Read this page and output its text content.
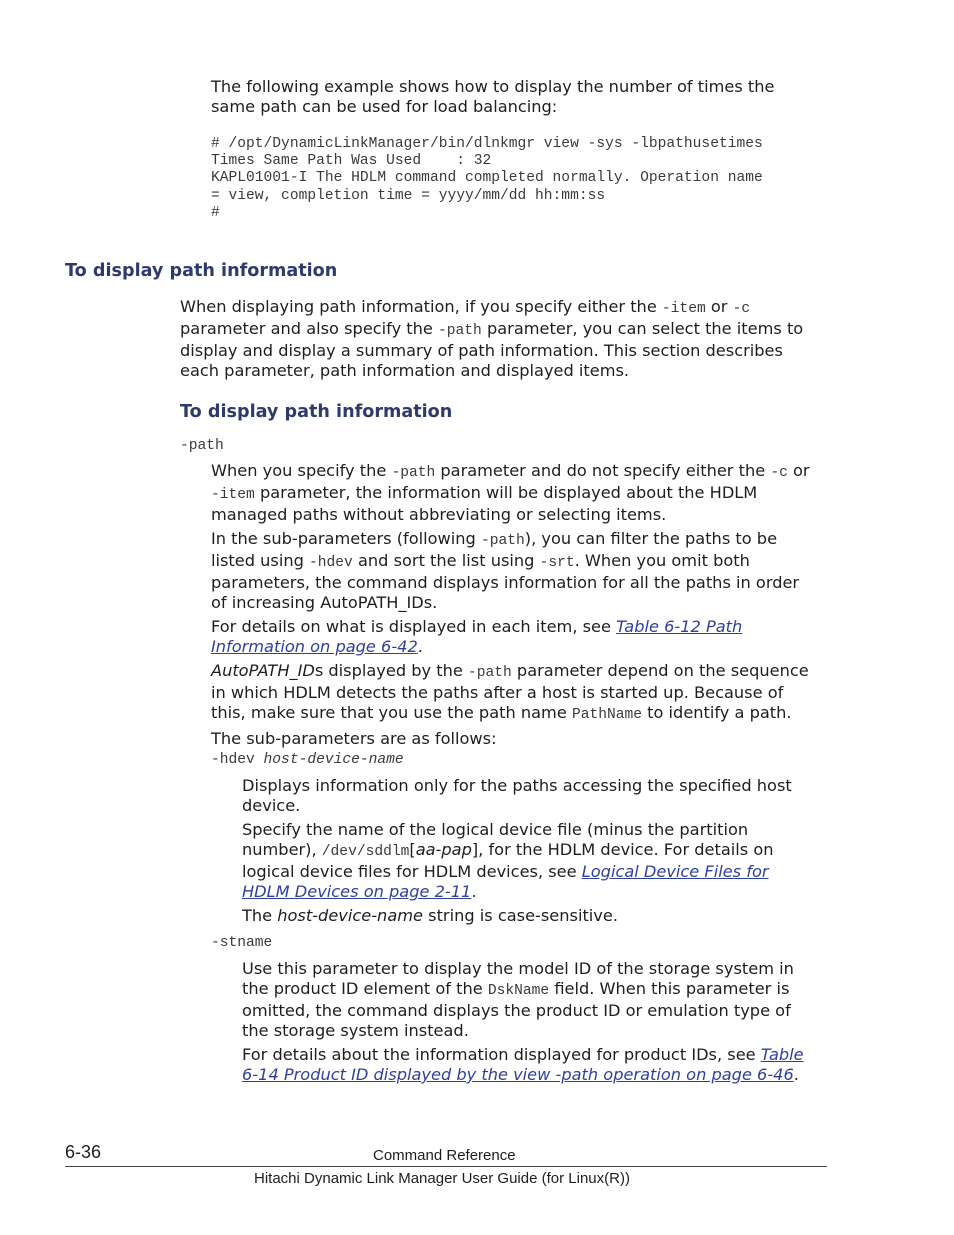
The following example shows how to display the number of times the
same path can be used for load balancing:
# /opt/DynamicLinkManager/bin/dlnkmgr view -sys -lbpathusetimes
Times Same Path Was Used    : 32
KAPL01001-I The HDLM command completed normally. Operation name
= view, completion time = yyyy/mm/dd hh:mm:ss
#
To display path information
When displaying path information, if you specify either the -item or -c
parameter and also specify the -path parameter, you can select the items to
display and display a summary of path information. This section describes
each parameter, path information and displayed items.
To display path information
-path
When you specify the -path parameter and do not specify either the -c or
-item parameter, the information will be displayed about the HDLM
managed paths without abbreviating or selecting items.
In the sub-parameters (following -path), you can filter the paths to be
listed using -hdev and sort the list using -srt. When you omit both
parameters, the command displays information for all the paths in order
of increasing AutoPATH_IDs.
For details on what is displayed in each item, see Table 6-12 Path
Information on page 6-42.
AutoPATH_IDs displayed by the -path parameter depend on the sequence
in which HDLM detects the paths after a host is started up. Because of
this, make sure that you use the path name PathName to identify a path.
The sub-parameters are as follows:
-hdev host-device-name
Displays information only for the paths accessing the specified host
device.
Specify the name of the logical device file (minus the partition
number), /dev/sddlm[aa-pap], for the HDLM device. For details on
logical device files for HDLM devices, see Logical Device Files for
HDLM Devices on page 2-11.
The host-device-name string is case-sensitive.
-stname
Use this parameter to display the model ID of the storage system in
the product ID element of the DskName field. When this parameter is
omitted, the command displays the product ID or emulation type of
the storage system instead.
For details about the information displayed for product IDs, see Table
6-14 Product ID displayed by the view -path operation on page 6-46.
6-36	Command Reference
Hitachi Dynamic Link Manager User Guide (for Linux(R))
